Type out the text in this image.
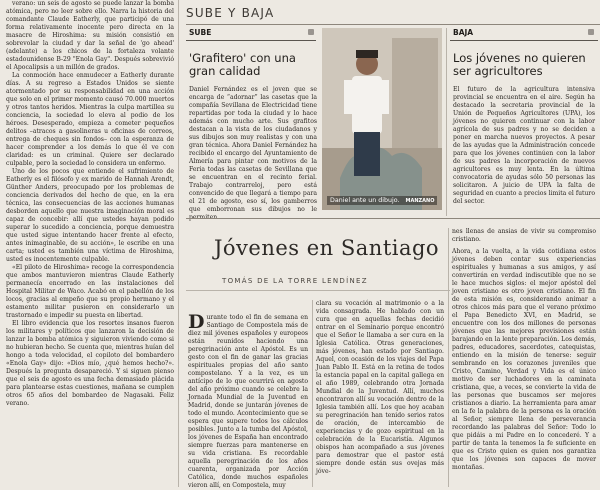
verano: un seis de agosto se puede lanzar la bomba atómica, pero no leer sobre ello. Narra la historia del comandante Claude Eatherly, que participó de una forma relativamente inocente pero directa en la masacre de Hiroshima: su misión consistió en sobrevolar la ciudad y dar la señal de 'go ahead' (adelante) a los chicos de la fortaleza volante estadounidense B-29 "Enola Gay". Después sobrevivió el Apocalipsis a un millón de grados.

La conmoción hace enmudecer a Eatherly durante días. A su regreso a Estados Unidos se siente atormentado por su responsabilidad en una acción que solo en el primer momento causó 70.000 muertos y otros tantos heridos. Mientras la culpa martillea su conciencia, la sociedad lo eleva al podio de los héroes. Desesperado, empieza a cometer pequeños delitos –atracos a gasolineras u oficinas de correos, entrega de cheques sin fondos– con la esperanza de hacer comprender a los demás lo que él ve con claridad: es un criminal. Quiere ser declarado culpable, pero la sociedad lo considera un enfermo.

Uno de los pocos que entiende el sufrimiento de Eatherly es el filósofo y ex marido de Hannah Arendt, Günther Anders, preocupado por los problemas de conciencia derivados del hecho de que, en la era técnica, las consecuencias de las acciones humanas desborden aquello que nuestra imaginación moral es capaz de concebir: allí que ustedes hayan podido superar lo sucedido a conciencia, porque demuestra que usted sigue intentando hacer frente al efecto, antes inimaginable, de su acción», le escribe en una carta; usted es también una víctima de Hiroshima, usted es inocentemente culpable.

«El piloto de Hiroshima» recoge la correspondencia que ambos mantuvieron mientras Claude Eatherly permanecía encerrado en las instalaciones del Hospital Militar de Waco. Acabó en el pabellón de los locos, gracias al empeño que su propio hermano y el estamento militar pusieron en considerarlo un trastornado e impedir su puesta en libertad.

El libro evidencia que los resortes insanos fueron los militares y políticos que lanzaron la decisión de lanzar la bomba atómica y siguieron viviendo como si no hubieran hecho. Se cuenta que, mientras huían del hongo a toda velocidad, el copiloto del bombardero «Enola Gay» dijo: «Dios mío, ¿qué hemos hecho?». Después la pregunta desapareció. Y si siguen pienso que el seis de agosto es una fecha demasiado plácida para plantearse estas cuestiones, mañana se cumplen otros 65 años del bombardeo de Nagasaki. Feliz verano.

SUBE Y BAJA
SUBE
'Grafitero' con una gran calidad
Daniel Fernández es el joven que se encarga de “adornar” las casetas que la compañía Sevillana de Electricidad tiene repartidas por toda la ciudad y lo hace además con mucho arte. Sus grafitos destacan a la vista de los ciudadanos y sus dibujos son muy realistas y con una gran técnica. Ahora Daniel Fernández ha recibido el encargo del Ayuntamiento de Almería para pintar con motivos de la Feria todas las casetas de Sevillana que se encuentran en el recinto ferial. Trabajo contrarreloj, pero está convencido de que llegará a tiempo para el 21 de agosto, eso sí, los gamberros que emborronan sus dibujos no le
Daniel ante un dibujo. MANZANO
BAJA
Los jóvenes no quieren ser agricultores
El futuro de la agricultura intensiva provincial se encuentra en el aire. Según ha destacado la secretaria provincial de la Unión de Pequeños Agricultores (UPA), los jóvenes no quieren continuar con la labor agrícola de sus padres y no se deciden a poner en marcha nuevos proyectos. A pesar de las ayudas que la Administración concede para que los jóvenes continúen con la labor de sus padres la incorporación de nuevos agricultores es muy lenta. En la última convocatoria de ayudas sólo 50 personas las solicitaron. A juicio de UPA la falta de seguridad en cuanto a precios limita el futuro del sector.
Jóvenes en Santiago
TOMÁS DE LA TORRE LENDÍNEZ
nes llenas de ansias de vivir su compromiso cristiano.
Durante todo el fin de semana en Santiago de Compostela más de diez mil jóvenes españoles y europeos están reunidos haciendo una peregrinación ante el Apóstol. Es un gesto con el fin de ganar las gracias espirituales propias del año santo compostelano. Y a la vez, es un antícipo de lo que ocurrirá en agosto del año próximo cuando se celebre la Jornada Mundial de la Juventud en Madrid, donde se juntarán jóvenes de todo el mundo. Acontecimiento que se espera que supere todos los cálculos posibles. Junto a la tumba del Apóstol, los jóvenes de España han encontrado siempre fuerzas para mantenerse en su vida cristiana. Es recordable aquella peregrinación de los años cuarenta, organizada por Acción Católica, donde muchos españoles vieron allí, en Compostela, muy
clara su vocación al matrimonio o a la vida consagrada. He hablado con un cura que en aquellas fechas decidió entrar en el Seminario porque encontró que el Señor le llamaba a ser cura en la Iglesia Católica. Otras generaciones, más jóvenes, han estado por Santiago. Aquel, con ocasión de los viajes del Papa Juan Pablo II. Está en la retina de todos la estancia papal en la capital gallega en el año 1989, celebrando otra Jornada Mundial de la Juventud. Allí, muchos encontraron allí su vocación dentro de la Iglesia también allí. Los que hoy acaban su peregrinación han tenido serios ratos de oración, de intercambio de experiencias y de gozo espiritual en la celebración de la Eucaristía. Algunos obispos han acompañado a sus jóvenes para demostrar que el pastor está siempre donde están sus ovejas más jóve-
Ahora, a la vuelta, a la vida cotidiana estos jóvenes deben contar sus experiencias espirituales y humanas a sus amigos, y así convertirán en verdad indiscutible que no se le hace muchos siglos: el mejor apóstol del joven cristiano es otro joven cristiano. El fin de esta misión es, considerando animar a otros chicos más para que el verano próximo el Papa Benedicto XVI, en Madrid, se encuentre con los dos millones de personas jóvenes que las mejores previsiones están barajando en la lente preparación. Los demás, padres, educadores, sacerdotes, catequistas, entiendo en la misión de tenerse: seguir sembrando en los corazones juveniles que Cristo, Camino, Verdad y Vida es el único motivo de ser luchadores en la caminata cristiana, que, a veces, se convierte la vida de las personas que buscamos ser mejores cristianos a diario. La herramienta para amar en la fe la palabra de la persona es la oración al Señor, siempre llena de perseverancia recordando las palabras del Señor: Todo lo que pidáis a mi Padre en lo concederé. Y a partir de tanta la tenemos la fe suficiente en que es Cristo quien es quien nos garantiza que los jóvenes son capaces de mover montañas.
